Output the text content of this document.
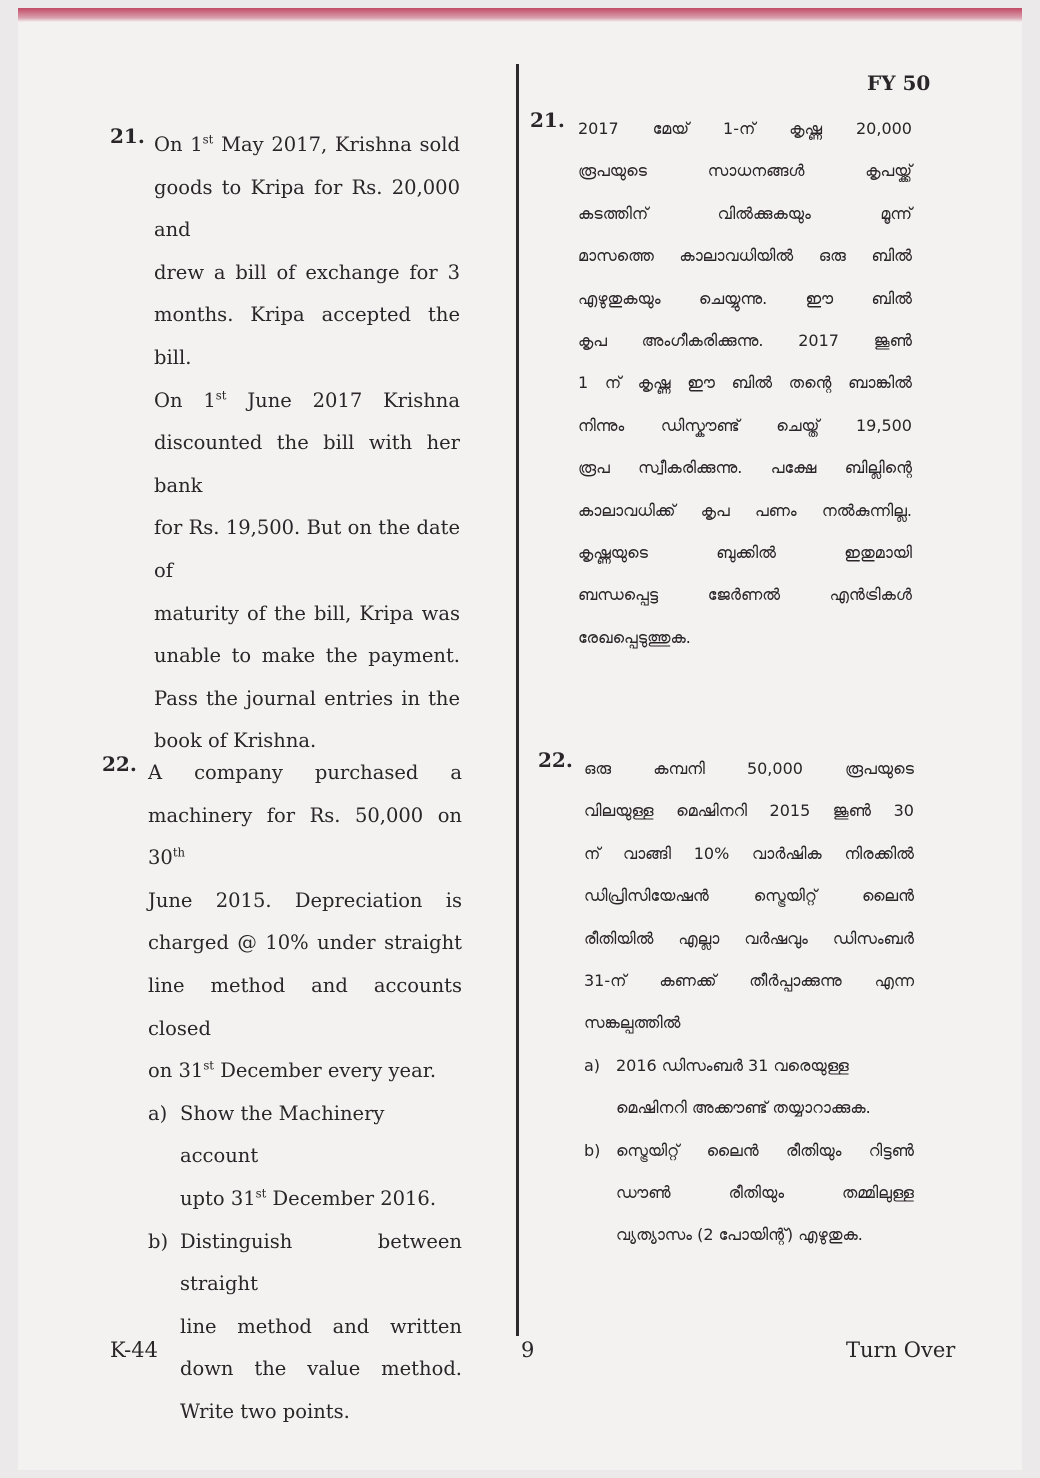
FY 50
21. On 1st May 2017, Krishna sold

goods to Kripa for Rs. 20,000 and

drew a bill of exchange for 3

months. Kripa accepted the bill.

On 1st June 2017 Krishna

discounted the bill with her bank

for Rs. 19,500. But on the date of

maturity of the bill, Kripa was

unable to make the payment.

Pass the journal entries in the

book of Krishna.

21. 2017 മേയ് 1-ന് കൃഷ്ണ 20,000

രൂപയുടെ സാധനങ്ങൾ കൃപയ്ക്ക്

കടത്തിന് വിൽക്കുകയും മൂന്ന്

മാസത്തെ കാലാവധിയിൽ ഒരു ബിൽ

എഴുതുകയും ചെയ്യുന്നു. ഈ ബിൽ

കൃപ അംഗീകരിക്കുന്നു. 2017 ജൂൺ

1 ന് കൃഷ്ണ ഈ ബിൽ തന്റെ ബാങ്കിൽ

നിന്നും ഡിസ്കൗണ്ട് ചെയ്ത് 19,500

രൂപ സ്വീകരിക്കുന്നു. പക്ഷേ ബില്ലിന്റെ

കാലാവധിക്ക് കൃപ പണം നൽകുന്നില്ല.

കൃഷ്ണയുടെ ബുക്കിൽ ഇതുമായി

ബന്ധപ്പെട്ട ജേർണൽ എൻട്രികൾ

രേഖപ്പെടുത്തുക.

22. A company purchased a

machinery for Rs. 50,000 on 30th

June 2015. Depreciation is

charged @ 10% under straight

line method and accounts closed

on 31st December every year.

a) Show the Machinery account

upto 31st December 2016.

b) Distinguish between straight

line method and written

down the value method.

Write two points.

22. ഒരു കമ്പനി 50,000 രൂപയുടെ

വിലയുള്ള മെഷിനറി 2015 ജൂൺ 30

ന് വാങ്ങി 10% വാർഷിക നിരക്കിൽ

ഡിപ്രിസിയേഷൻ സ്ട്രെയിറ്റ് ലൈൻ

രീതിയിൽ എല്ലാ വർഷവും ഡിസംബർ

31-ന് കണക്ക് തീർപ്പാക്കുന്നു എന്ന

സങ്കല്പത്തിൽ

a) 2016 ഡിസംബർ 31 വരെയുള്ള

മെഷിനറി അക്കൗണ്ട് തയ്യാറാക്കുക.

b) സ്ട്രെയിറ്റ് ലൈൻ രീതിയും റിട്ടൺ

ഡൗൺ രീതിയും തമ്മിലുള്ള

വ്യത്യാസം (2 പോയിന്റ്) എഴുതുക.

K-44	9	Turn Over
